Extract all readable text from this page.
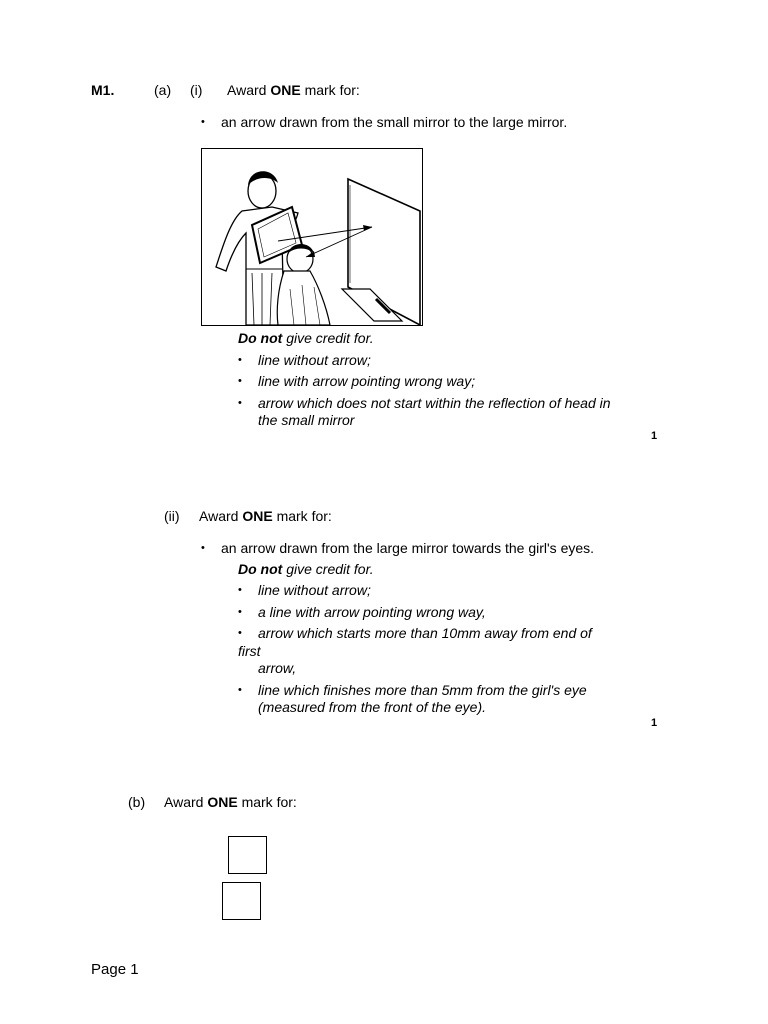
M1.	(a) (i) Award ONE mark for:
• an arrow drawn from the small mirror to the large mirror.
Do not give credit for.
• line without arrow;
• line with arrow pointing wrong way;
• arrow which does not start within the reflection of head in
the small mirror
1
(ii) Award ONE mark for:
• an arrow drawn from the large mirror towards the girl's eyes.
Do not give credit for.
• line without arrow;
• a line with arrow pointing wrong way,
• arrow which starts more than 10mm away from end of
first
arrow,
• line which finishes more than 5mm from the girl's eye
(measured from the front of the eye).
1
(b) Award ONE mark for:
Page 1
